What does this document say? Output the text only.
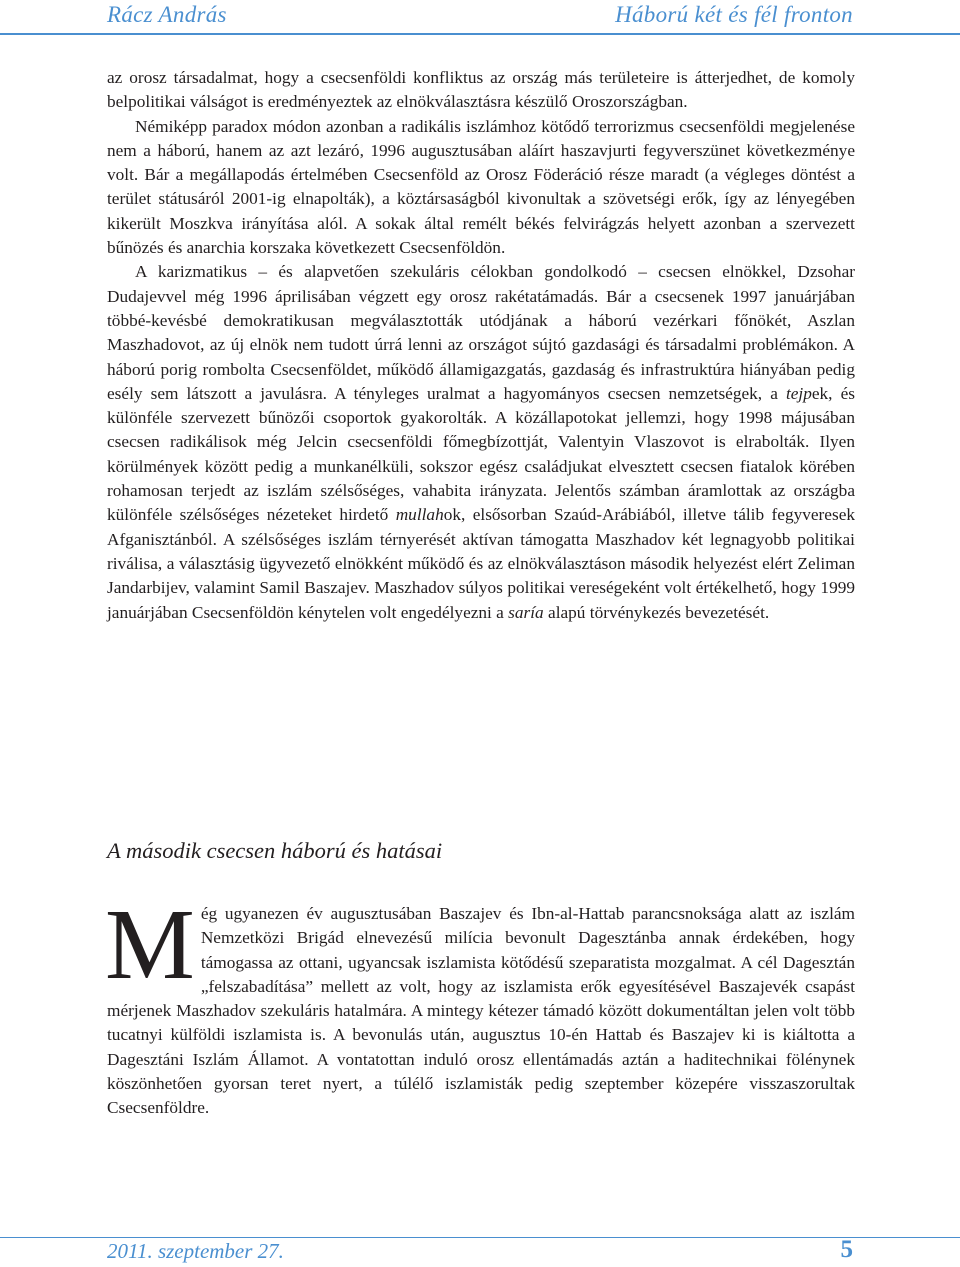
Rácz András	Háború két és fél fronton

az orosz társadalmat, hogy a csecsenföldi konfliktus az ország más területeire is átterjedhet, de komoly belpolitikai válságot is eredményeztek az elnökválasztásra készülő Oroszországban.

Némiképp paradox módon azonban a radikális iszlámhoz kötődő terrorizmus csecsenföldi megjelenése nem a háború, hanem az azt lezáró, 1996 augusztusában aláírt haszavjurti fegyverszünet következménye volt. Bár a megállapodás értelmében Csecsenföld az Orosz Föderáció része maradt (a végleges döntést a terület státusáról 2001-ig elnapolták), a köztársaságból kivonultak a szövetségi erők, így az lényegében kikerült Moszkva irányítása alól. A sokak által remélt békés felvirágzás helyett azonban a szervezett bűnözés és anarchia korszaka következett Csecsenföldön.

A karizmatikus – és alapvetően szekuláris célokban gondolkodó – csecsen elnökkel, Dzsohar Dudajevvel még 1996 áprilisában végzett egy orosz rakétatámadás. Bár a csecsenek 1997 januárjában többé-kevésbé demokratikusan megválasztották utódjának a háború vezérkari főnökét, Aszlan Maszhadovot, az új elnök nem tudott úrrá lenni az országot sújtó gazdasági és társadalmi problémákon. A háború porig rombolta Csecsenföldet, működő államigazgatás, gazdaság és infrastruktúra hiányában pedig esély sem látszott a javulásra. A tényleges uralmat a hagyományos csecsen nemzetségek, a tejpek, és különféle szervezett bűnözői csoportok gyakorolták. A közállapotokat jellemzi, hogy 1998 májusában csecsen radikálisok még Jelcin csecsenföldi főmegbízottját, Valentyin Vlaszovot is elrabolták. Ilyen körülmények között pedig a munkanélküli, sokszor egész családjukat elvesztett csecsen fiatalok körében rohamosan terjedt az iszlám szélsőséges, vahabita irányzata. Jelentős számban áramlottak az országba különféle szélsőséges nézeteket hirdető mullahok, elsősorban Szaúd-Arábiából, illetve tálib fegyveresek Afganisztánból. A szélsőséges iszlám térnyerését aktívan támogatta Maszhadov két legnagyobb politikai riválisa, a választásig ügyvezető elnökként működő és az elnökválasztáson második helyezést elért Zeliman Jandarbijev, valamint Samil Baszajev. Maszhadov súlyos politikai vereségeként volt értékelhető, hogy 1999 januárjában Csecsenföldön kénytelen volt engedélyezni a saría alapú törvénykezés bevezetését.

A második csecsen háború és hatásai
M ég ugyanezen év augusztusában Baszajev és Ibn-al-Hattab parancsnoksága alatt az iszlám Nemzetközi Brigád elnevezésű milícia bevonult Dagesztánba annak érdekében, hogy támogassa az ottani, ugyancsak iszlamista kötődésű szeparatista mozgalmat. A cél Dagesztán „felszabadítása” mellett az volt, hogy az iszlamista erők egyesítésével Baszajevék csapást mérjenek Maszhadov szekuláris hatalmára. A mintegy kétezer támadó között dokumentáltan jelen volt több tucatnyi külföldi iszlamista is. A bevonulás után, augusztus 10-én Hattab és Baszajev ki is kiáltotta a Dagesztáni Iszlám Államot. A vontatottan induló orosz ellentámadás aztán a haditechnikai fölénynek köszönhetően gyorsan teret nyert, a túlélő iszlamisták pedig szeptember közepére visszaszorultak Csecsenföldre.
2011. szeptember 27.	5
